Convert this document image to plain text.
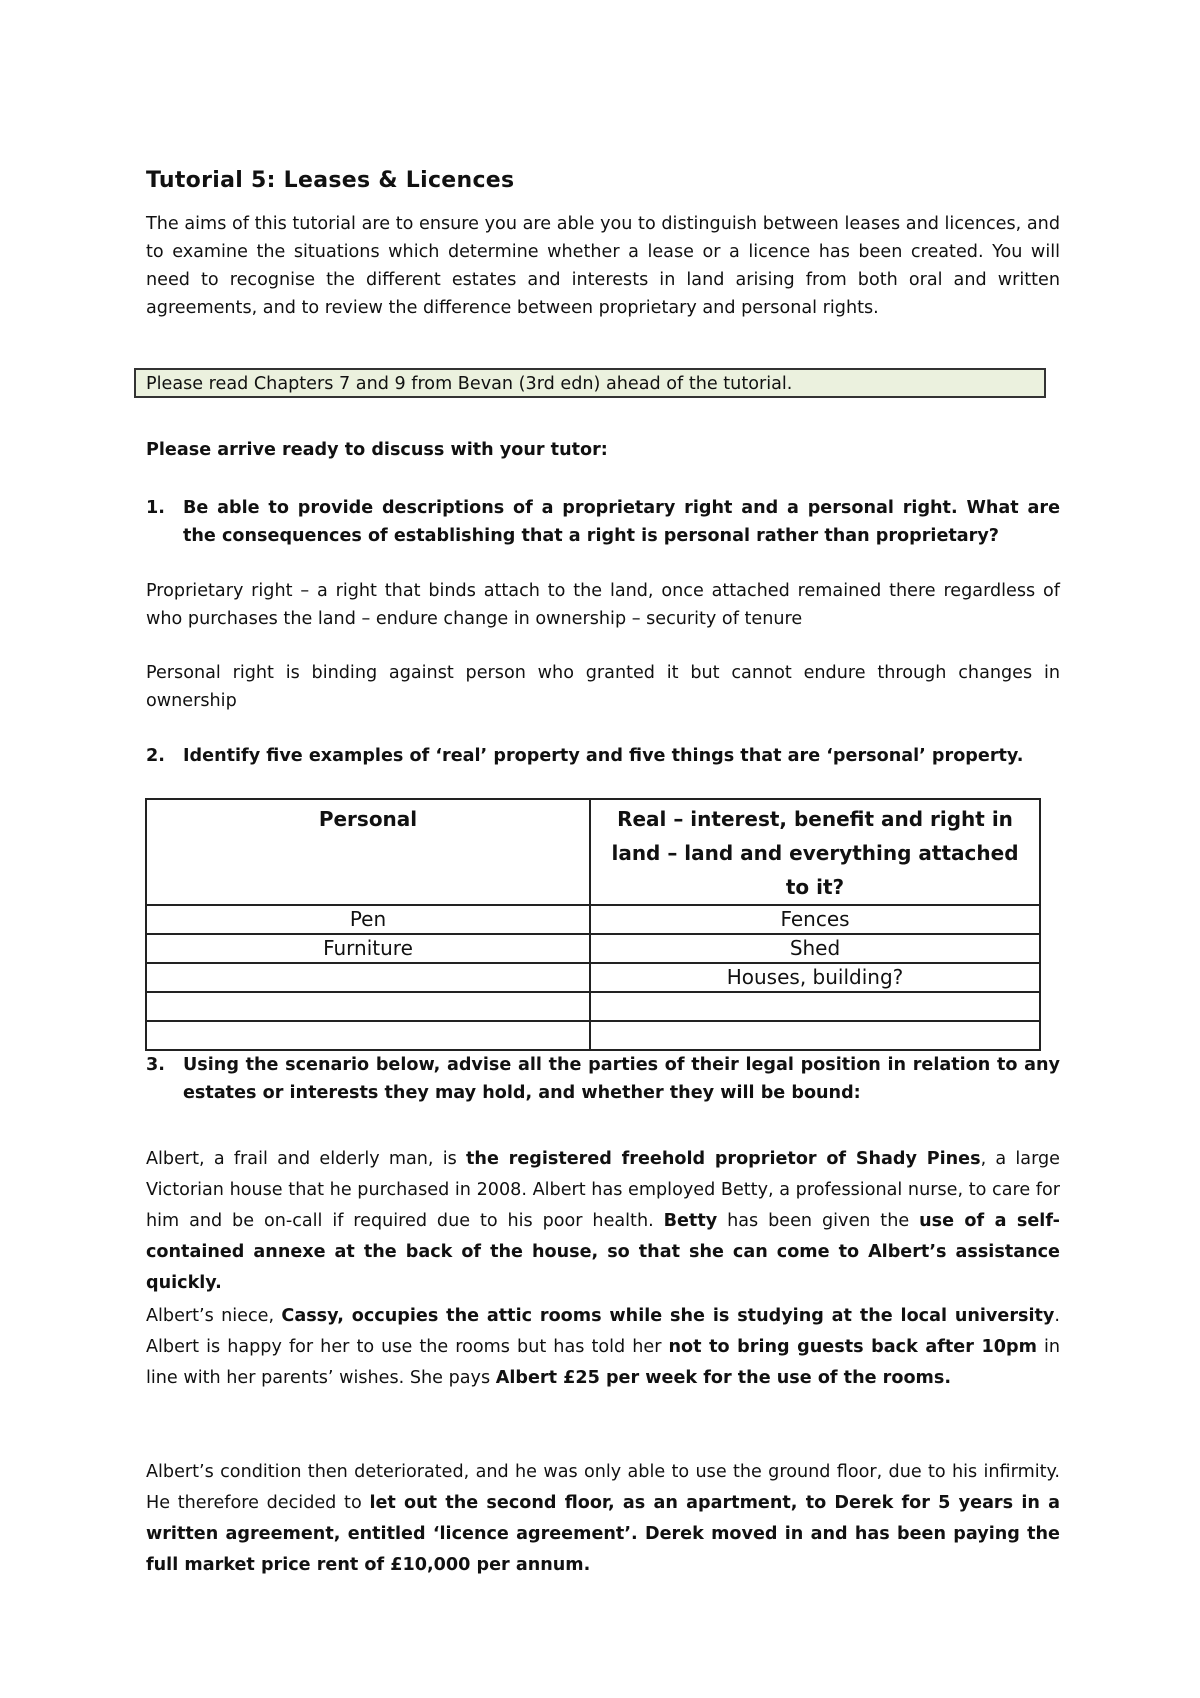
Tutorial 5: Leases & Licences

The aims of this tutorial are to ensure you are able you to distinguish between leases and licences, and to examine the situations which determine whether a lease or a licence has been created. You will need to recognise the different estates and interests in land arising from both oral and written agreements, and to review the difference between proprietary and personal rights.

Please read Chapters 7 and 9 from Bevan (3rd edn) ahead of the tutorial.

Please arrive ready to discuss with your tutor:

1. Be able to provide descriptions of a proprietary right and a personal right. What are the consequences of establishing that a right is personal rather than proprietary?

Proprietary right – a right that binds attach to the land, once attached remained there regardless of who purchases the land – endure change in ownership – security of tenure

Personal right is binding against person who granted it but cannot endure through changes in ownership

2. Identify five examples of ‘real’ property and five things that are ‘personal’ property.
Personal	Real – interest, benefit and right in land – land and everything attached to it?
Pen	Fences
Furniture	Shed
	Houses, building?

3. Using the scenario below, advise all the parties of their legal position in relation to any estates or interests they may hold, and whether they will be bound:

Albert, a frail and elderly man, is the registered freehold proprietor of Shady Pines, a large Victorian house that he purchased in 2008. Albert has employed Betty, a professional nurse, to care for him and be on-call if required due to his poor health. Betty has been given the use of a self-contained annexe at the back of the house, so that she can come to Albert’s assistance quickly.

Albert’s niece, Cassy, occupies the attic rooms while she is studying at the local university. Albert is happy for her to use the rooms but has told her not to bring guests back after 10pm in line with her parents’ wishes. She pays Albert £25 per week for the use of the rooms.

Albert’s condition then deteriorated, and he was only able to use the ground floor, due to his infirmity. He therefore decided to let out the second floor, as an apartment, to Derek for 5 years in a written agreement, entitled ‘licence agreement’. Derek moved in and has been paying the full market price rent of £10,000 per annum.
